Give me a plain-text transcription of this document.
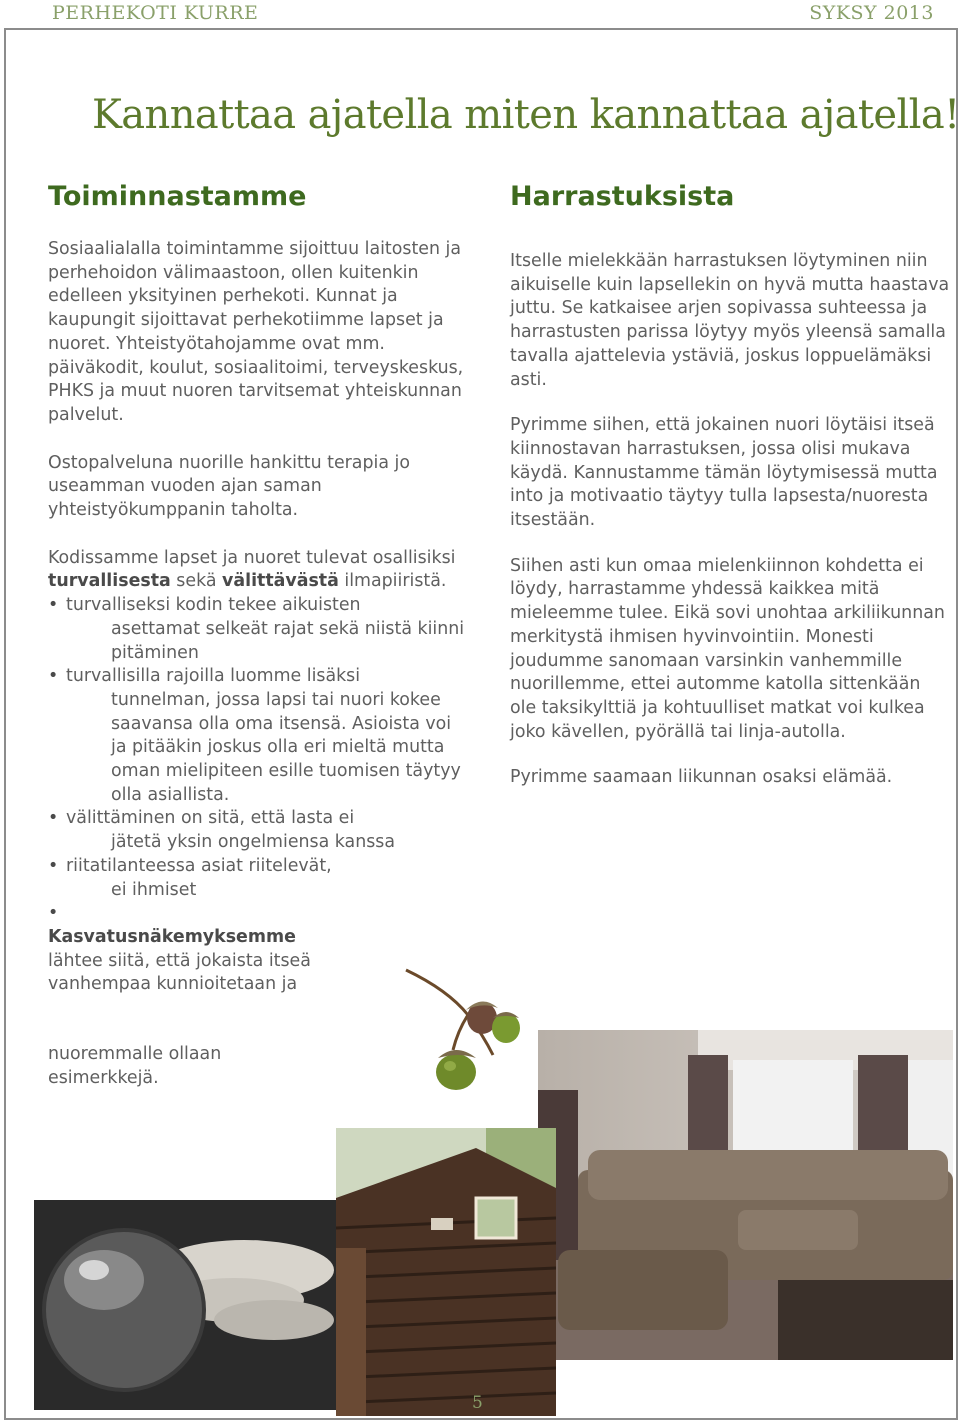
PERHEKOTI KURRE	SYKSY 2013
Kannattaa ajatella miten kannattaa ajatella!
Toiminnastamme	Harrastuksista

Sosiaalialalla toimintamme sijoittuu laitosten ja perhehoidon välimaastoon, ollen kuitenkin edelleen yksityinen perhekoti. Kunnat ja kaupungit sijoittavat perhekotiimme lapset ja nuoret. Yhteistyötahojamme ovat mm. päiväkodit, koulut, sosiaalitoimi, terveyskeskus, PHKS ja muut nuoren tarvitsemat yhteiskunnan palvelut.

Ostopalveluna nuorille hankittu terapia jo useamman vuoden ajan saman yhteistyökumppanin taholta.

Kodissamme lapset ja nuoret tulevat osallisiksi turvallisesta sekä välittävästä ilmapiiristä.

• turvalliseksi kodin tekee aikuisten
asettamat selkeät rajat sekä niistä kiinni pitäminen
• turvallisilla rajoilla luomme lisäksi
tunnelman, jossa lapsi tai nuori kokee saavansa olla oma itsensä. Asioista voi ja pitääkin joskus olla eri mieltä mutta oman mielipiteen esille tuomisen täytyy olla asiallista.
• välittäminen on sitä, että lasta ei
jätetä yksin ongelmiensa kanssa
• riitatilanteessa asiat riitelevät,
ei ihmiset
•

Kasvatusnäkemyksemme
lähtee siitä, että jokaista itseä
vanhempaa kunnioitetaan ja

nuoremmalle ollaan esimerkkejä.

Itselle mielekkään harrastuksen löytyminen niin aikuiselle kuin lapsellekin on hyvä mutta haastava juttu. Se katkaisee arjen sopivassa suhteessa ja harrastusten parissa löytyy myös yleensä samalla tavalla ajattelevia ystäviä, joskus loppuelämäksi asti.

Pyrimme siihen, että jokainen nuori löytäisi itseä kiinnostavan harrastuksen, jossa olisi mukava käydä. Kannustamme tämän löytymisessä mutta into ja motivaatio täytyy tulla lapsesta/nuoresta itsestään.

Siihen asti kun omaa mielenkiinnon kohdetta ei löydy, harrastamme yhdessä kaikkea mitä mieleemme tulee. Eikä sovi unohtaa arkiliikunnan merkitystä ihmisen hyvinvointiin. Monesti joudumme sanomaan varsinkin vanhemmille nuorillemme, ettei automme katolla sittenkään ole taksikylttiä ja kohtuulliset matkat voi kulkea joko kävellen, pyörällä tai linja-autolla.

Pyrimme saamaan liikunnan osaksi elämää.

5
